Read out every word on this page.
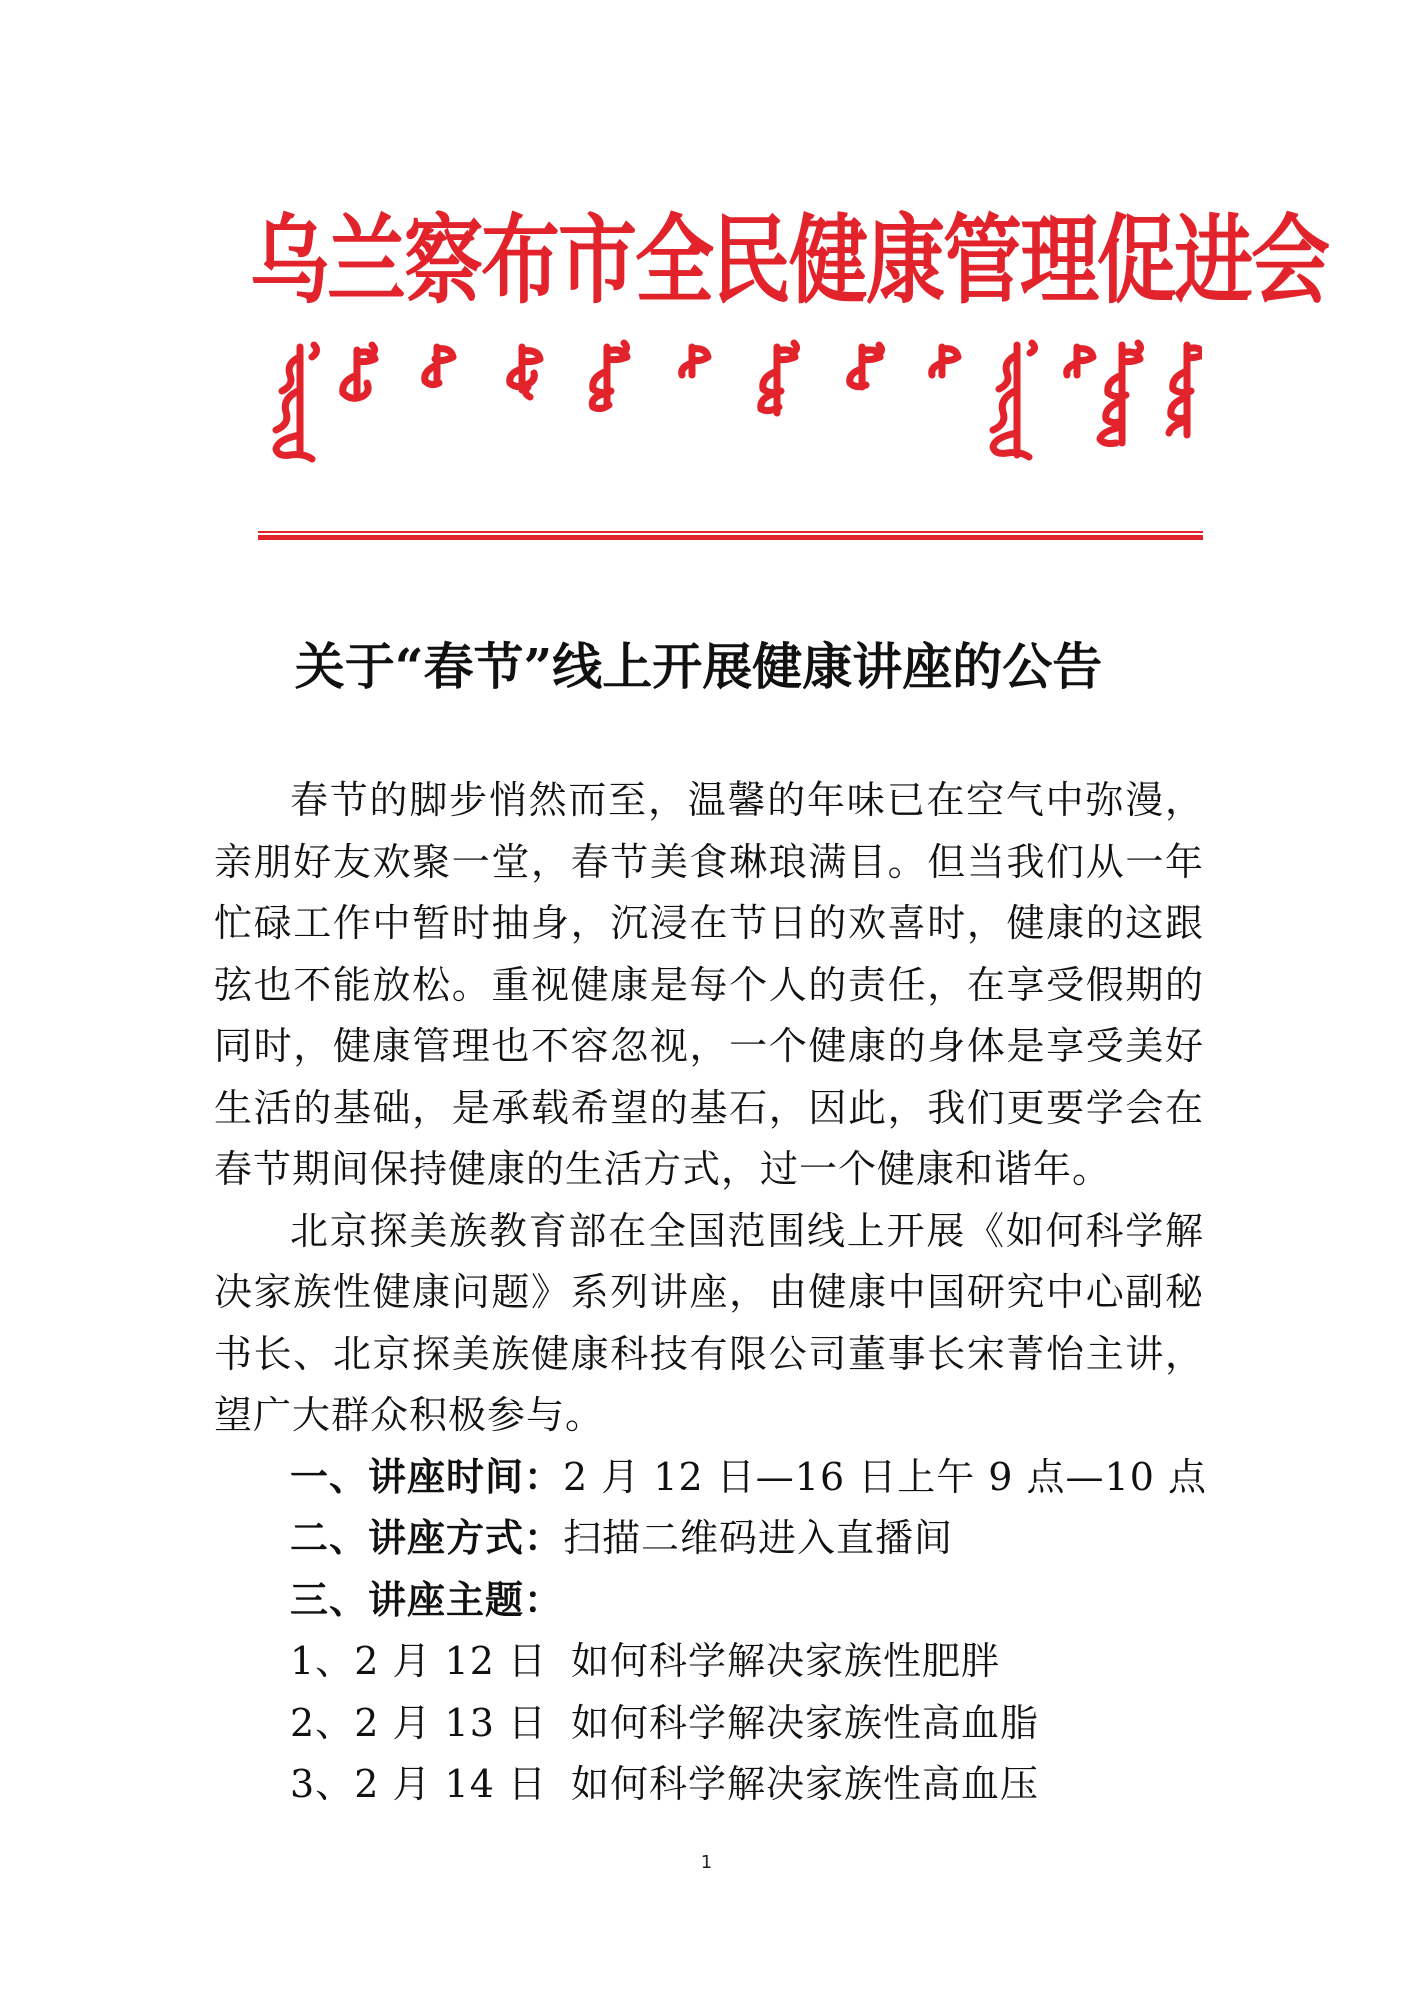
乌兰察布市全民健康管理促进会
关于“春节”线上开展健康讲座的公告

春节的脚步悄然而至，温馨的年味已在空气中弥漫，亲朋好友欢聚一堂，春节美食琳琅满目。但当我们从一年忙碌工作中暂时抽身，沉浸在节日的欢喜时，健康的这跟弦也不能放松。重视健康是每个人的责任，在享受假期的同时，健康管理也不容忽视，一个健康的身体是享受美好生活的基础，是承载希望的基石，因此，我们更要学会在春节期间保持健康的生活方式，过一个健康和谐年。

北京探美族教育部在全国范围线上开展《如何科学解决家族性健康问题》系列讲座，由健康中国研究中心副秘书长、北京探美族健康科技有限公司董事长宋菁怡主讲，望广大群众积极参与。

一、讲座时间：2 月 12 日—16 日上午 9 点—10 点
二、讲座方式：扫描二维码进入直播间
三、讲座主题：
1、2 月 12 日 如何科学解决家族性肥胖
2、2 月 13 日 如何科学解决家族性高血脂
3、2 月 14 日 如何科学解决家族性高血压
1
